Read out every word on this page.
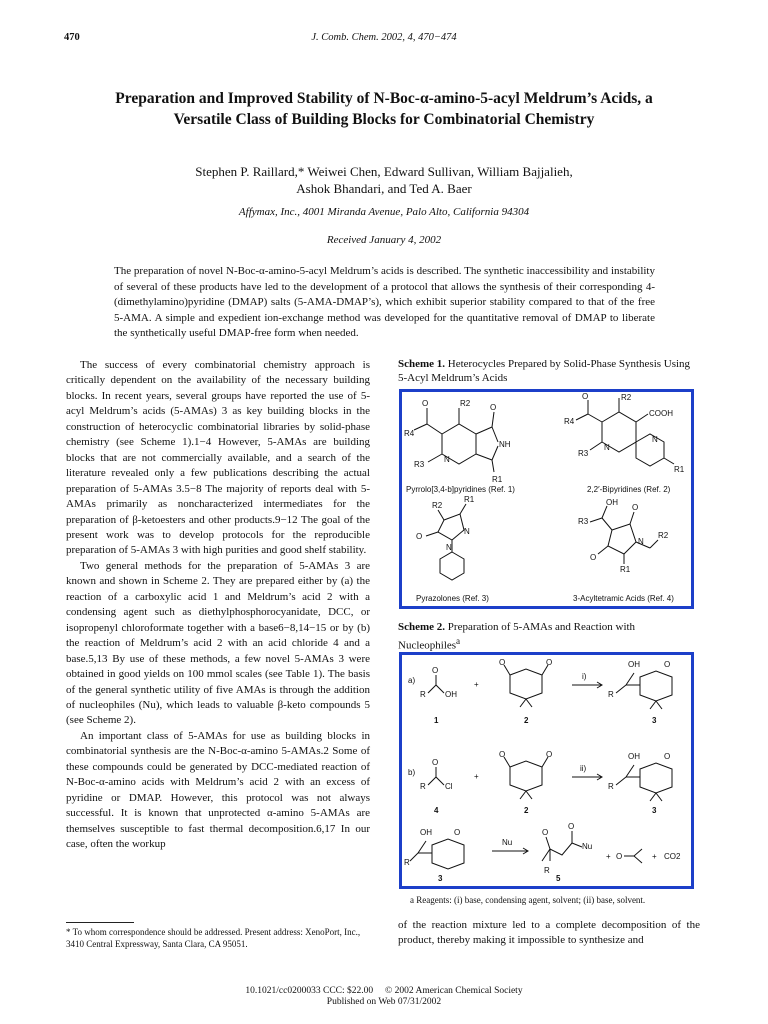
470	J. Comb. Chem. 2002, 4, 470−474
Preparation and Improved Stability of N-Boc-α-amino-5-acyl Meldrum’s Acids, a Versatile Class of Building Blocks for Combinatorial Chemistry
Stephen P. Raillard,* Weiwei Chen, Edward Sullivan, William Bajjalieh,
Ashok Bhandari, and Ted A. Baer
Affymax, Inc., 4001 Miranda Avenue, Palo Alto, California 94304
Received January 4, 2002
The preparation of novel N-Boc-α-amino-5-acyl Meldrum’s acids is described. The synthetic inaccessibility and instability of several of these products have led to the development of a protocol that allows the synthesis of their corresponding 4-(dimethylamino)pyridine (DMAP) salts (5-AMA-DMAP’s), which exhibit superior stability compared to that of the free 5-AMA. A simple and expedient ion-exchange method was developed for the quantitative removal of DMAP to liberate the synthetically useful DMAP-free form when needed.

The success of every combinatorial chemistry approach is critically dependent on the availability of the necessary building blocks. In recent years, several groups have reported the use of 5-acyl Meldrum’s acids (5-AMAs) 3 as key building blocks in the construction of heterocyclic combinatorial libraries by solid-phase chemistry (see Scheme 1).1−4 However, 5-AMAs are building blocks that are not commercially available, and a search of the literature revealed only a few publications describing the actual preparation of 5-AMAs 3.5−8 The majority of reports deal with 5-AMAs primarily as noncharacterized intermediates for the preparation of β-ketoesters and other products.9−12 The goal of the present work was to develop protocols for the reproducible preparation of 5-AMAs 3 with high purities and good shelf stability.

Two general methods for the preparation of 5-AMAs 3 are known and shown in Scheme 2. They are prepared either by (a) the reaction of a carboxylic acid 1 and Meldrum’s acid 2 with a condensing agent such as diethylphosphorocyanidate, DCC, or isopropenyl chloroformate together with a base6−8,14−15 or by (b) the reaction of Meldrum’s acid 2 with an acid chloride 4 and a base.5,13 By use of these methods, a few novel 5-AMAs 3 were obtained in good yields on 100 mmol scales (see Table 1). The basis of the general synthetic utility of five AMAs is through the addition of nucleophiles (Nu), which leads to valuable β-keto compounds 5 (see Scheme 2).

An important class of 5-AMAs for use as building blocks in combinatorial synthesis are the N-Boc-α-amino 5-AMAs.2 Some of these compounds could be generated by DCC-mediated reaction of N-Boc-α-amino acids with Meldrum’s acid 2 with an excess of pyridine or DMAP. However, this protocol was not always successful. It is known that unprotected α-amino 5-AMAs are themselves susceptible to fast thermal decomposition.6,17 In our case, often the workup

* To whom correspondence should be addressed. Present address: XenoPort, Inc., 3410 Central Expressway, Santa Clara, CA 95051.
Scheme 1. Heterocycles Prepared by Solid-Phase Synthesis Using 5-Acyl Meldrum’s Acids
O	R2 O
R4
NH
R3
N
R1
Pyrrolo[3,4-b]pyridines (Ref. 1)
O	R2
COOH
R4
R3
N
N
R1
2,2′-Bipyridines (Ref. 2)
R2
R1
O
N
N
Pyrazolones (Ref. 3)
OH
R3
O
O
N
R2
R1
3-Acyltetramic Acids (Ref. 4)
Scheme 2. Preparation of 5-AMAs and Reaction with Nucleophiles$^a$
a)
O
R OH
+
O	O
i)
OH	O
R
1	2	3
b)
O
R Cl
+
O	O
ii)
OH	O
R
4	2	3
OH	O
R
Nu
O
O
Nu
R
+ O	+ CO2
3	5
a Reagents: (i) base, condensing agent, solvent; (ii) base, solvent.
of the reaction mixture led to a complete decomposition of the product, thereby making it impossible to synthesize and
10.1021/cc0200033 CCC: $22.00     © 2002 American Chemical Society
Published on Web 07/31/2002
